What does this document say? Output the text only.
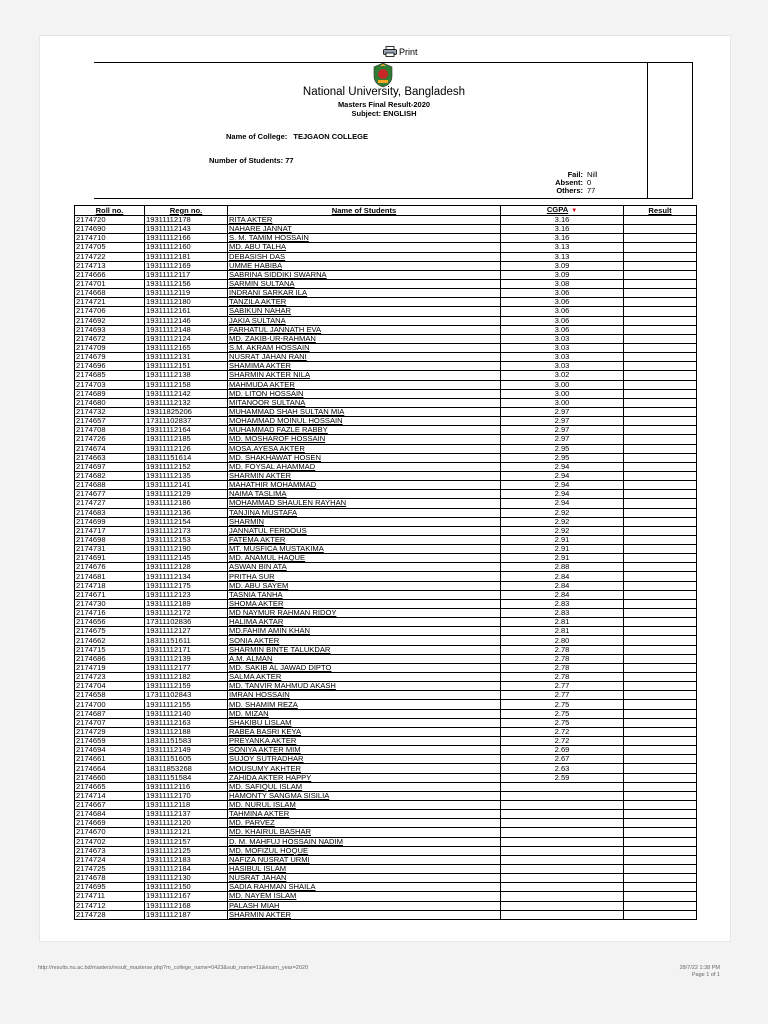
Print
National University, Bangladesh
Masters Final Result-2020
Subject: ENGLISH
Name of College: TEJGAON COLLEGE
Number of Students: 77
Fail: Nill
Absent: 0
Others: 77
Roll no.	Regn no.	Name of Students	CGPA ▼	Result
2174720	19311112178	RITA AKTER	3.16	
2174690	19311112143	NAHARE JANNAT	3.16	
2174710	19311112166	S. M. TAMIM HOSSAIN	3.16	
2174705	19311112160	MD. ABU TALHA	3.13	
2174722	19311112181	DEBASISH DAS	3.13	
2174713	19311112169	UMME HABIBA	3.09	
2174666	19311112117	SABRINA SIDDIKI SWARNA	3.09	
2174701	19311112156	SARMIN SULTANA	3.08	
2174668	19311112119	INDRANI SARKAR ILA	3.06	
2174721	19311112180	TANZILA AKTER	3.06	
2174706	19311112161	SABIKUN NAHAR	3.06	
2174692	19311112146	JAKIA SULTANA	3.06	
2174693	19311112148	FARHATUL JANNATH EVA	3.06	
2174672	19311112124	MD. ZAKIB-UR-RAHMAN	3.03	
2174709	19311112165	S.M. AKRAM HOSSAIN	3.03	
2174679	19311112131	NUSRAT JAHAN RANI	3.03	
2174696	19311112151	SHAMIMA AKTER	3.03	
2174685	19311112138	SHARMIN AKTER NILA	3.02	
2174703	19311112158	MAHMUDA AKTER	3.00	
2174689	19311112142	MD. LITON HOSSAIN	3.00	
2174680	19311112132	MITANOOR SULTANA	3.00	
2174732	19311825206	MUHAMMAD SHAH SULTAN MIA	2.97	
2174657	17311102837	MOHAMMAD MOINUL HOSSAIN	2.97	
2174708	19311112164	MUHAMMAD FAZLE RABBY	2.97	
2174726	19311112185	MD. MOSHAROF HOSSAIN	2.97	
2174674	19311112126	MOSA.AYESA AKTER	2.95	
2174663	18311151614	MD. SHAKHAWAT HOSEN	2.95	
2174697	19311112152	MD. FOYSAL AHAMMAD	2.94	
2174682	19311112135	SHARMIN AKTER	2.94	
2174688	19311112141	MAHATHIR MOHAMMAD	2.94	
2174677	19311112129	NAIMA TASLIMA	2.94	
2174727	19311112186	MOHAMMAD SHAULEN RAYHAN	2.94	
2174683	19311112136	TANJINA MUSTAFA	2.92	
2174699	19311112154	SHARMIN	2.92	
2174717	19311112173	JANNATUL FERDOUS	2.92	
2174698	19311112153	FATEMA AKTER	2.91	
2174731	19311112190	MT. MUSFICA MUSTAKIMA	2.91	
2174691	19311112145	MD. ANAMUL HAQUE	2.91	
2174676	19311112128	ASWAN BIN ATA	2.88	
2174681	19311112134	PRITHA SUR	2.84	
2174718	19311112175	MD. ABU SAYEM	2.84	
2174671	19311112123	TASNIA TANHA	2.84	
2174730	19311112189	SHOMA AKTER	2.83	
2174716	19311112172	MD NAYMUR RAHMAN RIDOY	2.83	
2174656	17311102836	HALIMA AKTAR	2.81	
2174675	19311112127	MD.FAHIM AMIN KHAN	2.81	
2174662	18311151611	SONIA AKTER	2.80	
2174715	19311112171	SHARMIN BINTE TALUKDAR	2.78	
2174686	19311112139	A.M. ALMAN	2.78	
2174719	19311112177	MD. SAKIB AL JAWAD DIPTO	2.78	
2174723	19311112182	SALMA AKTER	2.78	
2174704	19311112159	MD. TANVIR MAHMUD AKASH	2.77	
2174658	17311102843	IMRAN HOSSAIN	2.77	
2174700	19311112155	MD. SHAMIM REZA	2.75	
2174687	19311112140	MD. MIZAN	2.75	
2174707	19311112163	SHAKIBU LISLAM	2.75	
2174729	19311112188	RABEA BASRI KEYA	2.72	
2174659	18311151583	PREYANKA AKTER	2.72	
2174694	19311112149	SONIYA AKTER MIM	2.69	
2174661	18311151605	SUJOY SUTRADHAR	2.67	
2174664	18311853268	MOUSUMY AKHTER	2.63	
2174660	18311151584	ZAHIDA AKTER HAPPY	2.59	
2174665	19311112116	MD. SAFIQUL ISLAM		
2174714	19311112170	HAMONTY SANGMA SISILIA		
2174667	19311112118	MD. NURUL ISLAM		
2174684	19311112137	TAHMINA AKTER		
2174669	19311112120	MD. PARVEZ		
2174670	19311112121	MD. KHAIRUL BASHAR		
2174702	19311112157	D. M. MAHFUJ HOSSAIN NADIM		
2174673	19311112125	MD. MOFIZUL HOQUE		
2174724	19311112183	NAFIZA NUSRAT URMI		
2174725	19311112184	HASIBUL ISLAM		
2174678	19311112130	NUSRAT JAHAN		
2174695	19311112150	SADIA RAHMAN SHAILA		
2174711	19311112167	MD. NAYEM ISLAM		
2174712	19311112168	PALASH MIAH		
2174728	19311112187	SHARMIN AKTER		
http://results.nu.ac.bd/masters/result_masterse.php?m_college_name=0423&sub_name=11&exam_year=2020	28/7/22 1:38 PM
Page 1 of 1
